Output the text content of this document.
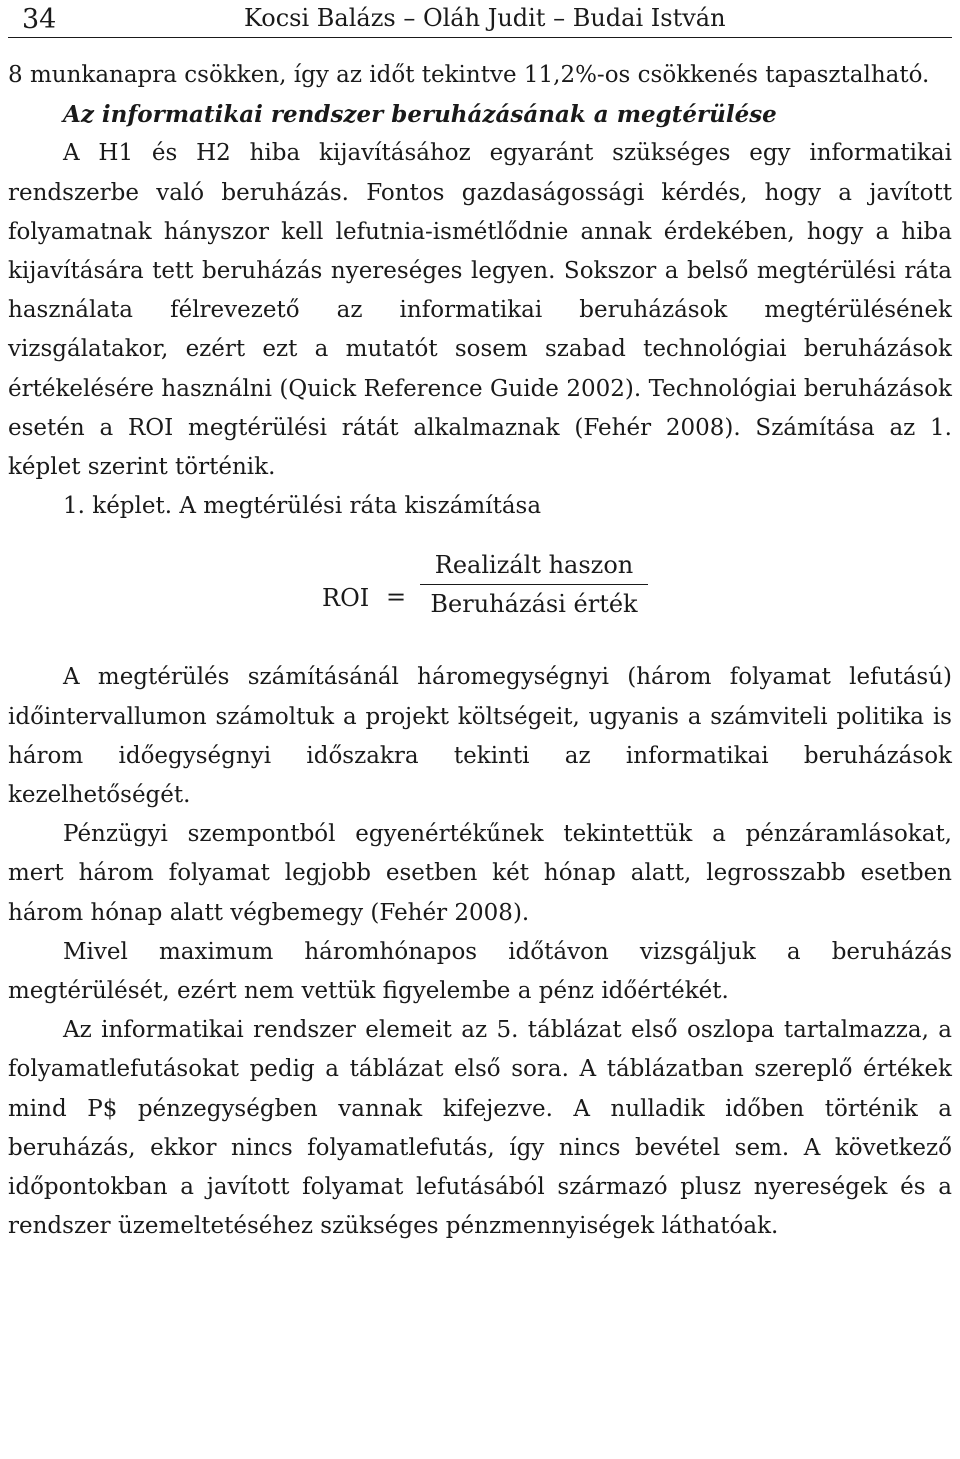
34	Kocsi Balázs – Oláh Judit – Budai István

8 munkanapra csökken, így az időt tekintve 11,2%-os csökkenés tapasztalható.

Az informatikai rendszer beruházásának a megtérülése

A H1 és H2 hiba kijavításához egyaránt szükséges egy informatikai rendszerbe való beruházás. Fontos gazdaságossági kérdés, hogy a javított folyamatnak hányszor kell lefutnia-ismétlődnie annak érdekében, hogy a hiba kijavítására tett beruházás nyereséges legyen. Sokszor a belső megtérülési ráta használata félrevezető az informatikai beruházások megtérülésének vizsgálatakor, ezért ezt a mutatót sosem szabad technológiai beruházások értékelésére használni (Quick Reference Guide 2002). Technológiai beruházások esetén a ROI megtérülési rátát alkalmaznak (Fehér 2008). Számítása az 1. képlet szerint történik.

1. képlet. A megtérülési ráta kiszámítása

ROI =
Realizált haszon
Beruházási érték

A megtérülés számításánál háromegységnyi (három folyamat lefutású) időintervallumon számoltuk a projekt költségeit, ugyanis a számviteli politika is három időegységnyi időszakra tekinti az informatikai beruházások kezelhetőségét.

Pénzügyi szempontból egyenértékűnek tekintettük a pénzáramlásokat, mert három folyamat legjobb esetben két hónap alatt, legrosszabb esetben három hónap alatt végbemegy (Fehér 2008).

Mivel maximum háromhónapos időtávon vizsgáljuk a beruházás megtérülését, ezért nem vettük figyelembe a pénz időértékét.

Az informatikai rendszer elemeit az 5. táblázat első oszlopa tartalmazza, a folyamatlefutásokat pedig a táblázat első sora. A táblázatban szereplő értékek mind P$ pénzegységben vannak kifejezve. A nulladik időben történik a beruházás, ekkor nincs folyamatlefutás, így nincs bevétel sem. A következő időpontokban a javított folyamat lefutásából származó plusz nyereségek és a rendszer üzemeltetéséhez szükséges pénzmennyiségek láthatóak.
